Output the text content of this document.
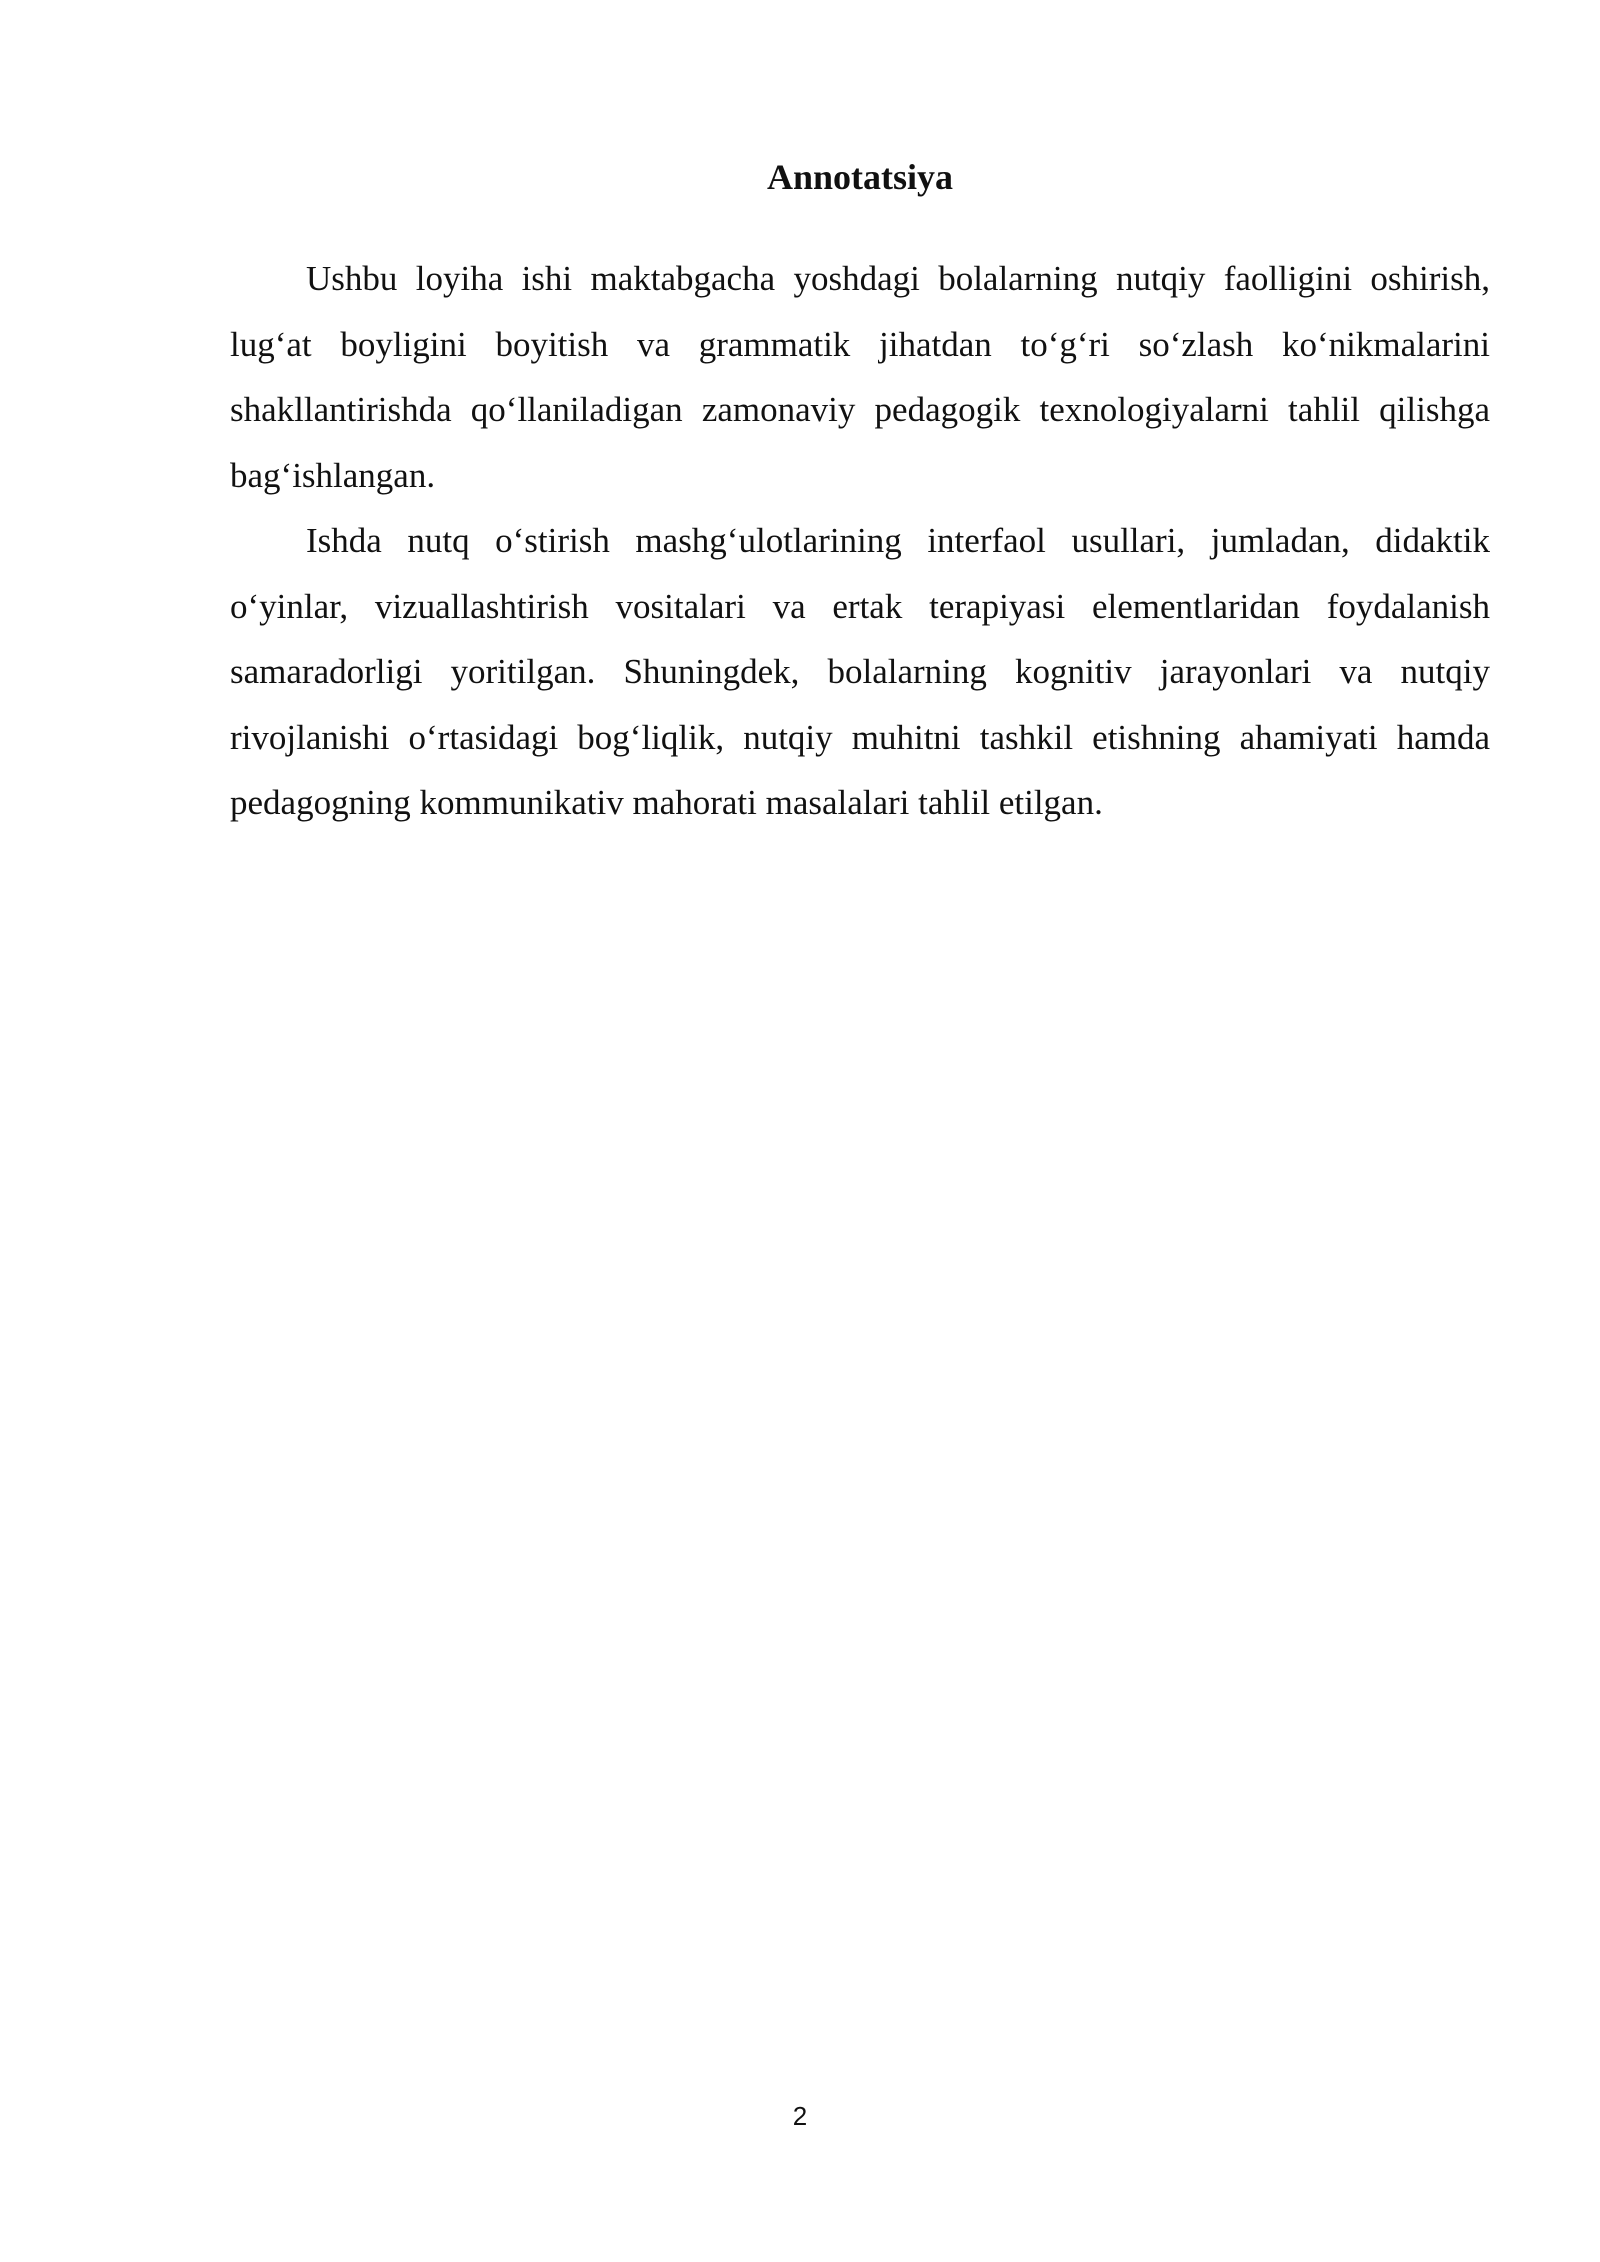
Annotatsiya

Ushbu loyiha ishi maktabgacha yoshdagi bolalarning nutqiy faolligini oshirish, lug‘at boyligini boyitish va grammatik jihatdan to‘g‘ri so‘zlash ko‘nikmalarini shakllantirishda qo‘llaniladigan zamonaviy pedagogik texnologiyalarni tahlil qilishga bag‘ishlangan.

Ishda nutq o‘stirish mashg‘ulotlarining interfaol usullari, jumladan, didaktik o‘yinlar, vizuallashtirish vositalari va ertak terapiyasi elementlaridan foydalanish samaradorligi yoritilgan. Shuningdek, bolalarning kognitiv jarayonlari va nutqiy rivojlanishi o‘rtasidagi bog‘liqlik, nutqiy muhitni tashkil etishning ahamiyati hamda pedagogning kommunikativ mahorati masalalari tahlil etilgan.

2
